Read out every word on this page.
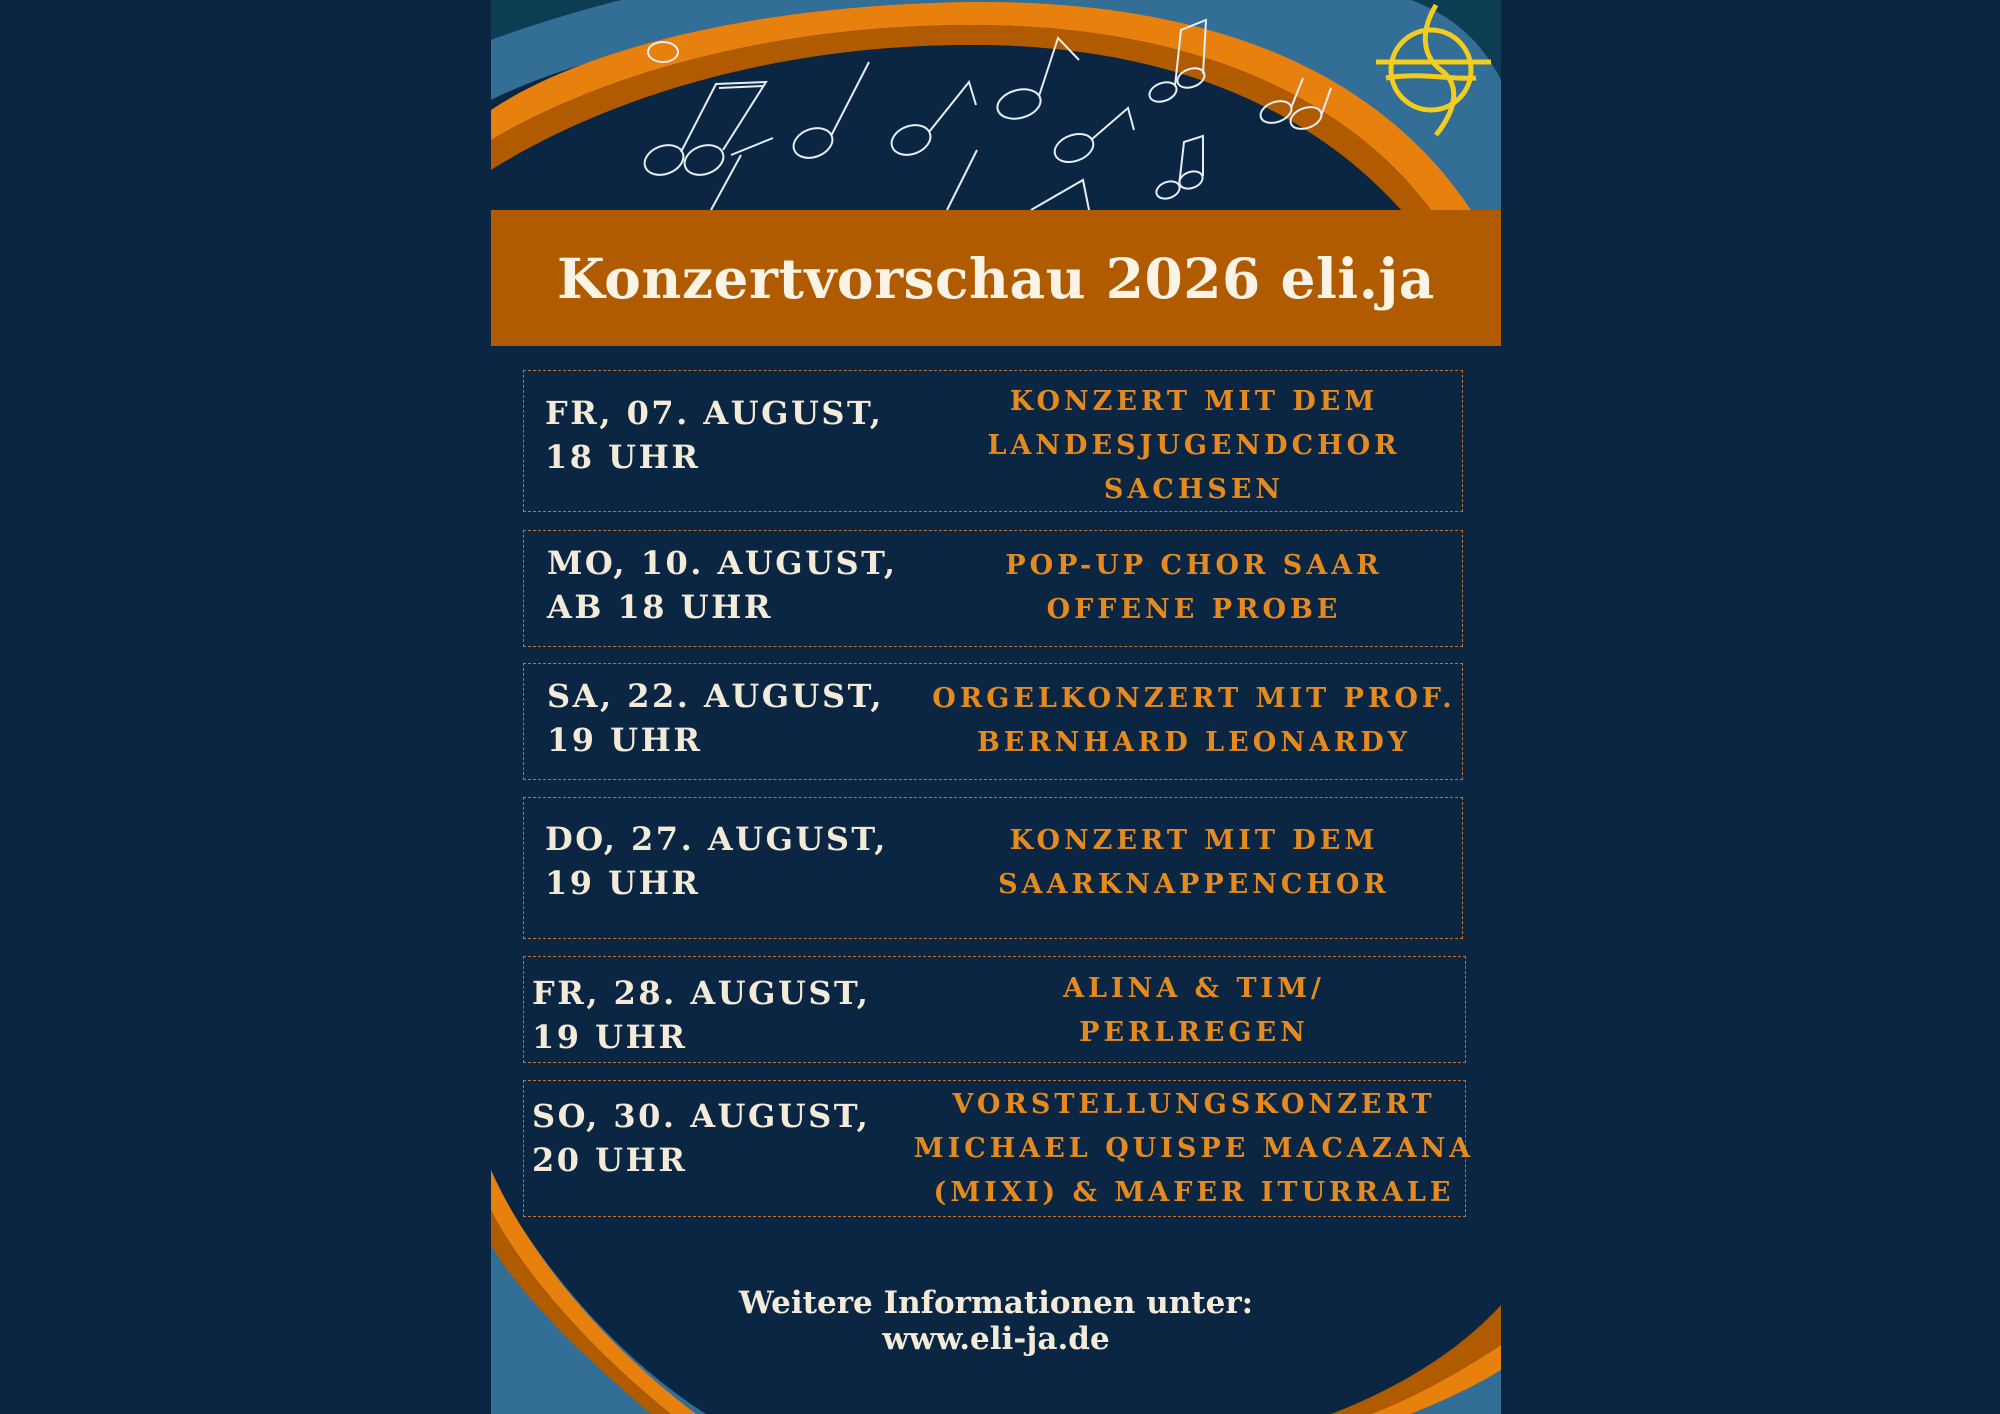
Konzertvorschau 2026 eli.ja
FR, 07. AUGUST,
18 UHR
KONZERT MIT DEM
LANDESJUGENDCHOR
SACHSEN
MO, 10. AUGUST,
AB 18 UHR
POP-UP CHOR SAAR
OFFENE PROBE
SA, 22. AUGUST,
19 UHR
ORGELKONZERT MIT PROF.
BERNHARD LEONARDY
DO, 27. AUGUST,
19 UHR
KONZERT MIT DEM
SAARKNAPPENCHOR
FR, 28. AUGUST,
19 UHR
ALINA & TIM/
PERLREGEN
SO, 30. AUGUST,
20 UHR
VORSTELLUNGSKONZERT
MICHAEL QUISPE MACAZANA
(MIXI) & MAFER ITURRALE
Weitere Informationen unter:
www.eli-ja.de
